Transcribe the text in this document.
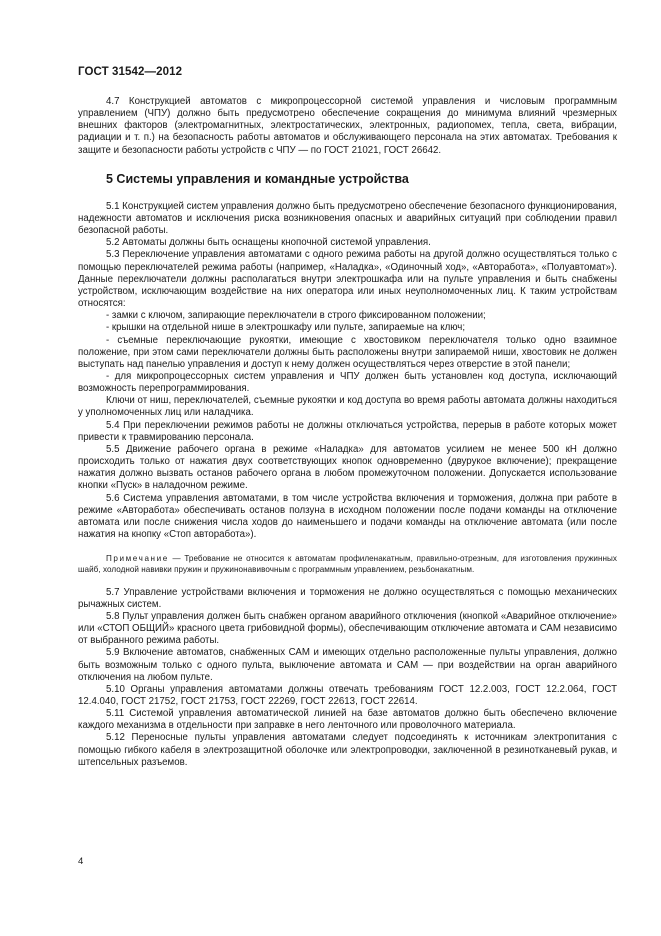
ГОСТ 31542—2012

4.7 Конструкцией автоматов с микропроцессорной системой управления и числовым программным управлением (ЧПУ) должно быть предусмотрено обеспечение сокращения до минимума влияний чрезмерных внешних факторов (электромагнитных, электростатических, электронных, радиопомех, тепла, света, вибрации, радиации и т. п.) на безопасность работы автоматов и обслуживающего персонала на этих автоматах. Требования к защите и безопасности работы устройств с ЧПУ — по ГОСТ 21021, ГОСТ 26642.

5 Системы управления и командные устройства

5.1 Конструкцией систем управления должно быть предусмотрено обеспечение безопасного функционирования, надежности автоматов и исключения риска возникновения опасных и аварийных ситуаций при соблюдении правил безопасной работы.

5.2 Автоматы должны быть оснащены кнопочной системой управления.

5.3 Переключение управления автоматами с одного режима работы на другой должно осуществляться только с помощью переключателей режима работы (например, «Наладка», «Одиночный ход», «Авторабота», «Полуавтомат»). Данные переключатели должны располагаться внутри электрошкафа или на пульте управления и быть снабжены устройством, исключающим воздействие на них оператора или иных неуполномоченных лиц. К таким устройствам относятся:

- замки с ключом, запирающие переключатели в строго фиксированном положении;

- крышки на отдельной нише в электрошкафу или пульте, запираемые на ключ;

- съемные переключающие рукоятки, имеющие с хвостовиком переключателя только одно взаимное положение, при этом сами переключатели должны быть расположены внутри запираемой ниши, хвостовик не должен выступать над панелью управления и доступ к нему должен осуществляться через отверстие в этой панели;

- для микропроцессорных систем управления и ЧПУ должен быть установлен код доступа, исключающий возможность перепрограммирования.

Ключи от ниш, переключателей, съемные рукоятки и код доступа во время работы автомата должны находиться у уполномоченных лиц или наладчика.

5.4 При переключении режимов работы не должны отключаться устройства, перерыв в работе которых может привести к травмированию персонала.

5.5 Движение рабочего органа в режиме «Наладка» для автоматов усилием не менее 500 кН должно происходить только от нажатия двух соответствующих кнопок одновременно (двурукое включение); прекращение нажатия должно вызвать останов рабочего органа в любом промежуточном положении. Допускается использование кнопки «Пуск» в наладочном режиме.

5.6 Система управления автоматами, в том числе устройства включения и торможения, должна при работе в режиме «Авторабота» обеспечивать останов ползуна в исходном положении после подачи команды на отключение автомата или после снижения числа ходов до наименьшего и подачи команды на отключение автомата (или после нажатия на кнопку «Стоп авторабота»).

Примечание — Требование не относится к автоматам профиленакатным, правильно-отрезным, для изготовления пружинных шайб, холодной навивки пружин и пружинонавивочным с программным управлением, резьбонакатным.

5.7 Управление устройствами включения и торможения не должно осуществляться с помощью механических рычажных систем.

5.8 Пульт управления должен быть снабжен органом аварийного отключения (кнопкой «Аварийное отключение» или «СТОП ОБЩИЙ» красного цвета грибовидной формы), обеспечивающим отключение автомата и САМ независимо от выбранного режима работы.

5.9 Включение автоматов, снабженных САМ и имеющих отдельно расположенные пульты управления, должно быть возможным только с одного пульта, выключение автомата и САМ — при воздействии на орган аварийного отключения на любом пульте.

5.10 Органы управления автоматами должны отвечать требованиям ГОСТ 12.2.003, ГОСТ 12.2.064, ГОСТ 12.4.040, ГОСТ 21752, ГОСТ 21753, ГОСТ 22269, ГОСТ 22613, ГОСТ 22614.

5.11 Системой управления автоматической линией на базе автоматов должно быть обеспечено включение каждого механизма в отдельности при заправке в него ленточного или проволочного материала.

5.12 Переносные пульты управления автоматами следует подсоединять к источникам электропитания с помощью гибкого кабеля в электрозащитной оболочке или электропроводки, заключенной в резинотканевый рукав, и штепсельных разъемов.

4
